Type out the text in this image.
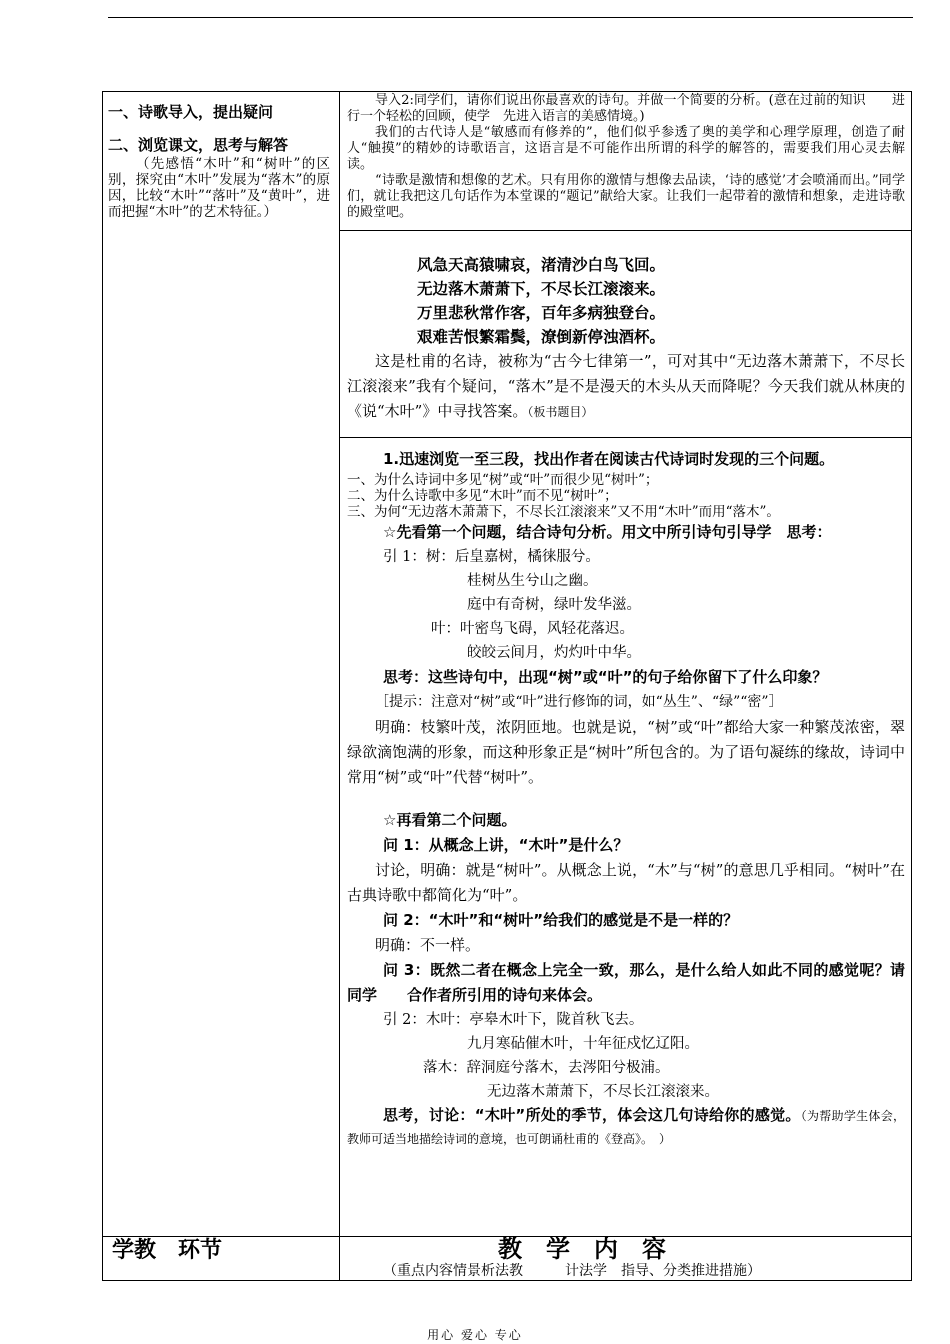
一、诗歌导入，提出疑问
二、浏览课文，思考与解答
（先感悟“木叶”和“树叶”的区别，探究由“木叶”发展为“落木”的原因，比较“木叶”“落叶”及“黄叶”，进而把握“木叶”的艺术特征。）

导入2:同学们，请你们说出你最喜欢的诗句。并做一个简要的分析。(意在过前的知识　　进行一个轻松的回顾，使学　先进入语言的美感情境。)

我们的古代诗人是“敏感而有修养的”，他们似乎参透了奥的美学和心理学原理，创造了耐人“触摸”的精妙的诗歌语言，这语言是不可能作出所谓的科学的解答的，需要我们用心灵去解读。

“诗歌是激情和想像的艺术。只有用你的激情与想像去品读，‘诗的感觉’才会喷涌而出。”同学们，就让我把这几句话作为本堂课的“题记”献给大家。让我们一起带着的激情和想象，走进诗歌的殿堂吧。

风急天高猿啸哀，渚清沙白鸟飞回。
无边落木萧萧下，不尽长江滚滚来。
万里悲秋常作客，百年多病独登台。
艰难苦恨繁霜鬓，潦倒新停浊酒杯。

这是杜甫的名诗，被称为“古今七律第一”，可对其中“无边落木萧萧下，不尽长江滚滚来”我有个疑问，“落木”是不是漫天的木头从天而降呢？今天我们就从林庚的《说“木叶”》中寻找答案。（板书题目）

1.迅速浏览一至三段，找出作者在阅读古代诗词时发现的三个问题。
一、为什么诗词中多见“树”或“叶”而很少见“树叶”；
二、为什么诗歌中多见“木叶”而不见“树叶”；
三、为何“无边落木萧萧下，不尽长江滚滚来”又不用“木叶”而用“落木”。
☆先看第一个问题，结合诗句分析。用文中所引诗句引导学　思考：
引 1：树：后皇嘉树，橘徕服兮。
桂树丛生兮山之幽。
庭中有奇树，绿叶发华滋。
叶：叶密鸟飞碍，风轻花落迟。
皎皎云间月，灼灼叶中华。

思考：这些诗句中，出现“树”或“叶”的句子给你留下了什么印象？

［提示：注意对“树”或“叶”进行修饰的词，如“丛生”、“绿”“密”］

明确：枝繁叶茂，浓阴匝地。也就是说，“树”或“叶”都给大家一种繁茂浓密，翠绿欲滴饱满的形象，而这种形象正是“树叶”所包含的。为了语句凝练的缘故，诗词中常用“树”或“叶”代替“树叶”。

☆再看第二个问题。
问 1：从概念上讲，“木叶”是什么？

讨论，明确：就是“树叶”。从概念上说，“木”与“树”的意思几乎相同。“树叶”在古典诗歌中都简化为“叶”。

问 2：“木叶”和“树叶”给我们的感觉是不是一样的？

明确：不一样。

问 3：既然二者在概念上完全一致，那么，是什么给人如此不同的感觉呢？请同学　　合作者所引用的诗句来体会。

引 2：木叶：亭皋木叶下，陇首秋飞去。
九月寒砧催木叶，十年征戍忆辽阳。
落木：辞洞庭兮落木，去涔阳兮极浦。
无边落木萧萧下，不尽长江滚滚来。

思考，讨论：“木叶”所处的季节，体会这几句诗给你的感觉。（为帮助学生体会，教师可适当地描绘诗词的意境，也可朗诵杜甫的《登高》。　）

学教　环节	教学内容
（重点内容情景析法教　　　计法学　指导、分类推进措施）
用心 爱心 专心
